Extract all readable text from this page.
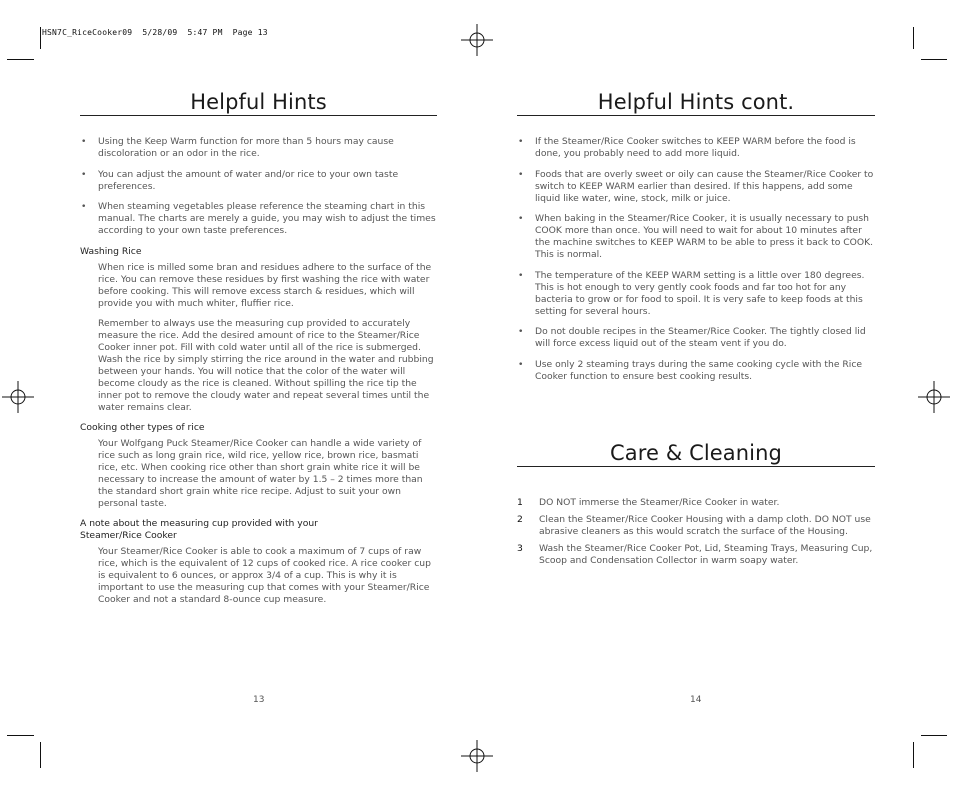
HSN7C_RiceCooker09  5/28/09  5:47 PM  Page 13
Helpful Hints
• Using the Keep Warm function for more than 5 hours may cause discoloration or an odor in the rice.
• You can adjust the amount of water and/or rice to your own taste preferences.
• When steaming vegetables please reference the steaming chart in this manual. The charts are merely a guide, you may wish to adjust the times according to your own taste preferences.
Washing Rice
When rice is milled some bran and residues adhere to the surface of the rice. You can remove these residues by first washing the rice with water before cooking. This will remove excess starch & residues, which will provide you with much whiter, fluffier rice.
Remember to always use the measuring cup provided to accurately measure the rice. Add the desired amount of rice to the Steamer/Rice Cooker inner pot. Fill with cold water until all of the rice is submerged. Wash the rice by simply stirring the rice around in the water and rubbing between your hands. You will notice that the color of the water will become cloudy as the rice is cleaned. Without spilling the rice tip the inner pot to remove the cloudy water and repeat several times until the water remains clear.
Cooking other types of rice
Your Wolfgang Puck Steamer/Rice Cooker can handle a wide variety of rice such as long grain rice, wild rice, yellow rice, brown rice, basmati rice, etc. When cooking rice other than short grain white rice it will be necessary to increase the amount of water by 1.5 – 2 times more than the standard short grain white rice recipe. Adjust to suit your own personal taste.
A note about the measuring cup provided with your
Steamer/Rice Cooker
Your Steamer/Rice Cooker is able to cook a maximum of 7 cups of raw rice, which is the equivalent of 12 cups of cooked rice. A rice cooker cup is equivalent to 6 ounces, or approx 3/4 of a cup. This is why it is important to use the measuring cup that comes with your Steamer/Rice Cooker and not a standard 8-ounce cup measure.
13
Helpful Hints cont.
• If the Steamer/Rice Cooker switches to KEEP WARM before the food is done, you probably need to add more liquid.
• Foods that are overly sweet or oily can cause the Steamer/Rice Cooker to switch to KEEP WARM earlier than desired. If this happens, add some liquid like water, wine, stock, milk or juice.
• When baking in the Steamer/Rice Cooker, it is usually necessary to push COOK more than once. You will need to wait for about 10 minutes after the machine switches to KEEP WARM to be able to press it back to COOK. This is normal.
• The temperature of the KEEP WARM setting is a little over 180 degrees. This is hot enough to very gently cook foods and far too hot for any bacteria to grow or for food to spoil. It is very safe to keep foods at this setting for several hours.
• Do not double recipes in the Steamer/Rice Cooker. The tightly closed lid will force excess liquid out of the steam vent if you do.
• Use only 2 steaming trays during the same cooking cycle with the Rice Cooker function to ensure best cooking results.
Care & Cleaning
1 DO NOT immerse the Steamer/Rice Cooker in water.
2 Clean the Steamer/Rice Cooker Housing with a damp cloth. DO NOT use abrasive cleaners as this would scratch the surface of the Housing.
3 Wash the Steamer/Rice Cooker Pot, Lid, Steaming Trays, Measuring Cup, Scoop and Condensation Collector in warm soapy water.
14
